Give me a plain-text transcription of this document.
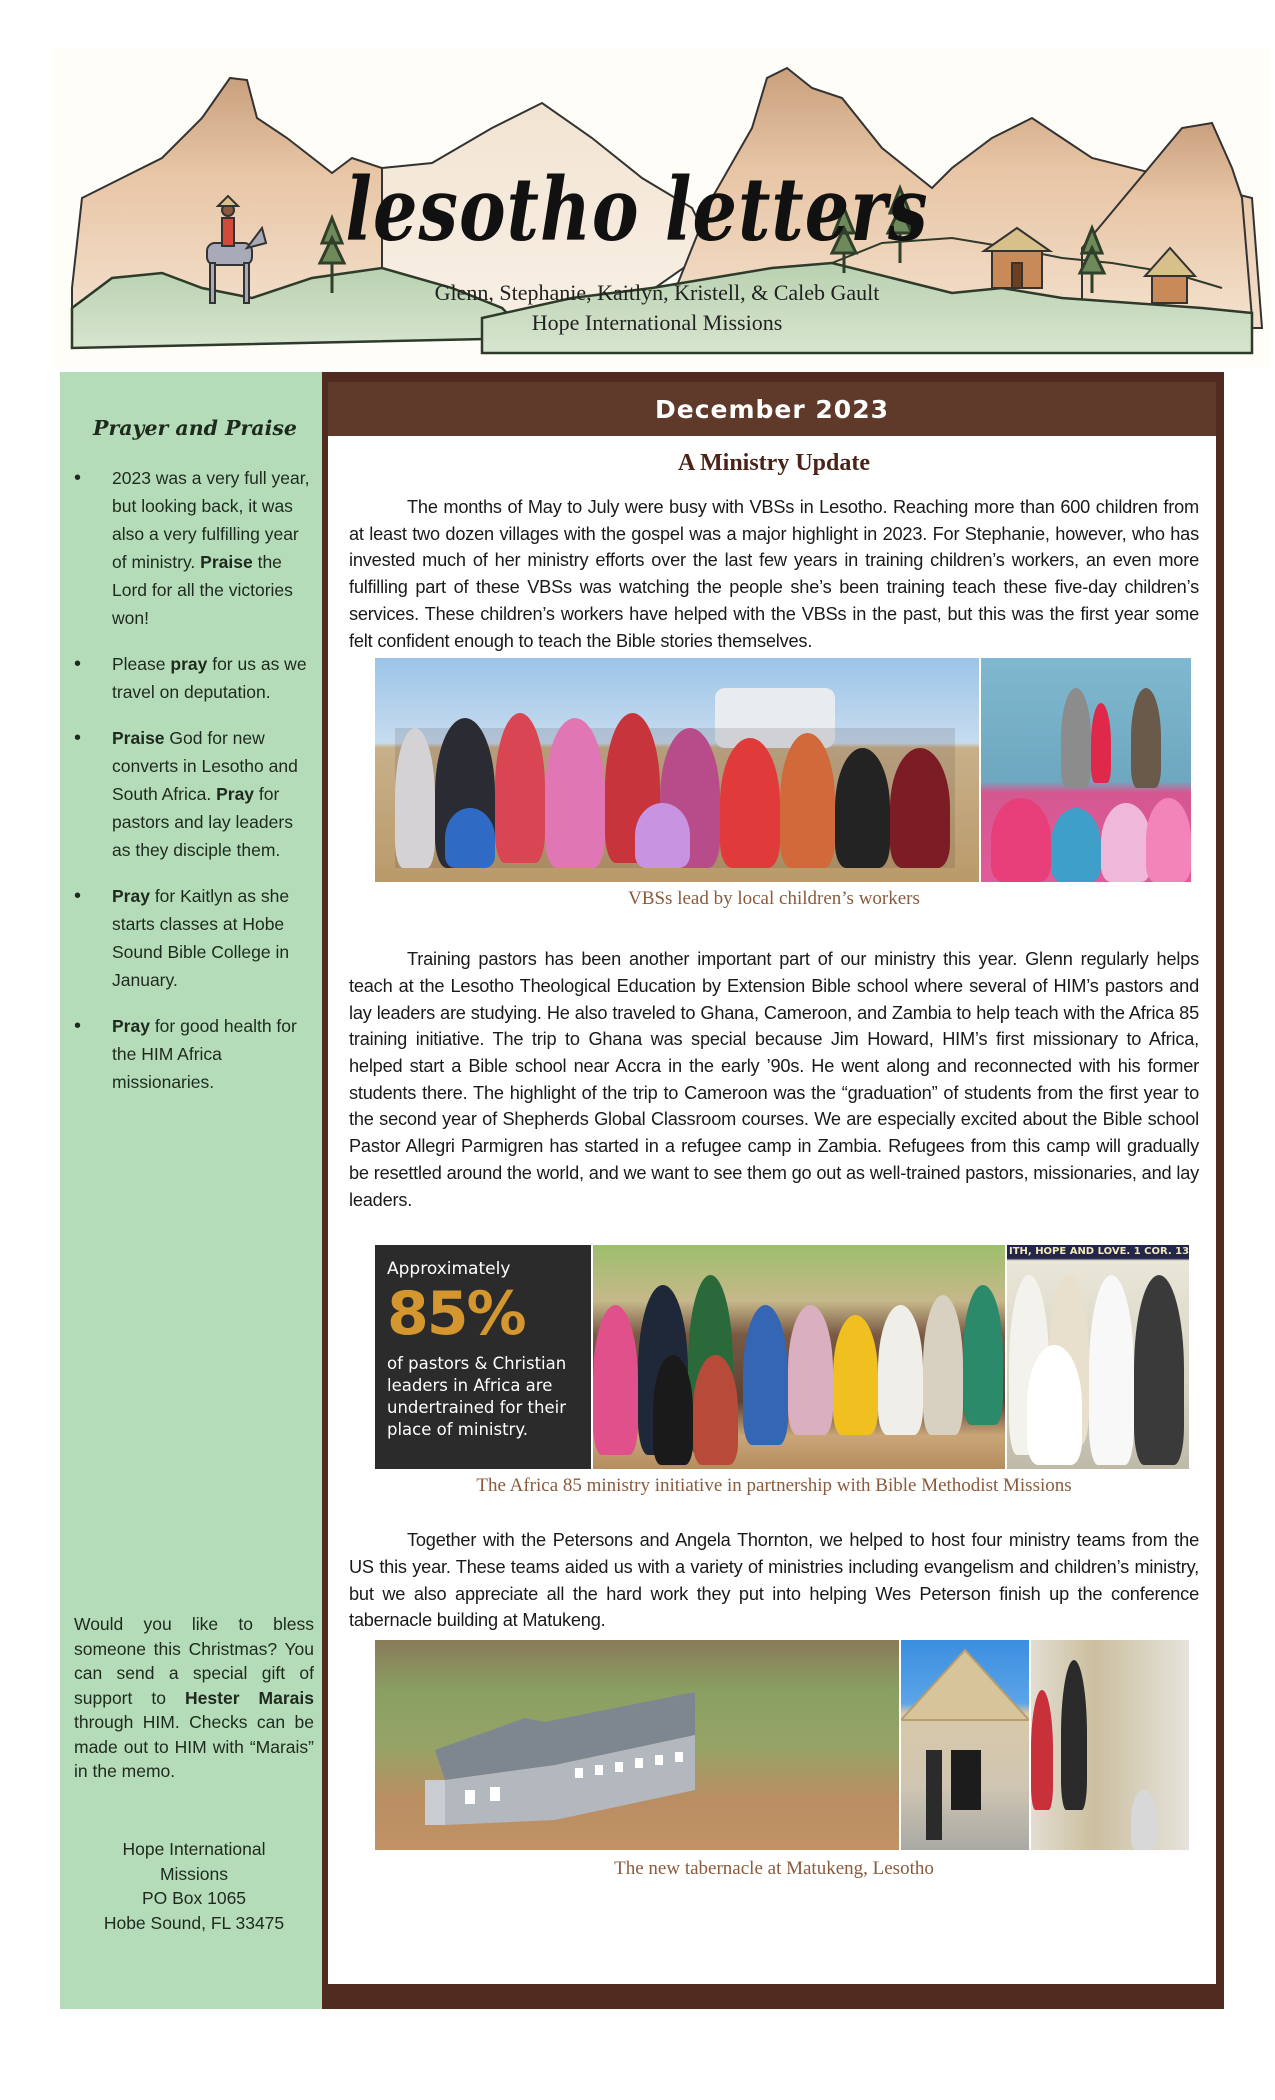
lesotho letters
Glenn, Stephanie, Kaitlyn, Kristell, & Caleb Gault
Hope International Missions
Prayer and Praise
• 2023 was a very full year, but looking back, it was also a very fulfilling year of ministry. Praise the Lord for all the victories won!
• Please pray for us as we travel on deputation.
• Praise God for new converts in Lesotho and South Africa. Pray for pastors and lay leaders as they disciple them.
• Pray for Kaitlyn as she starts classes at Hobe Sound Bible College in January.
• Pray for good health for the HIM Africa missionaries.
Would you like to bless someone this Christmas? You can send a special gift of support to Hester Marais through HIM. Checks can be made out to HIM with “Marais” in the memo.
Hope International
Missions
PO Box 1065
Hobe Sound, FL 33475
December 2023
A Ministry Update

The months of May to July were busy with VBSs in Lesotho. Reaching more than 600 children from at least two dozen villages with the gospel was a major highlight in 2023. For Stephanie, however, who has invested much of her ministry efforts over the last few years in training children’s workers, an even more fulfilling part of these VBSs was watching the people she’s been training teach these five-day children’s services. These children’s workers have helped with the VBSs in the past, but this was the first year some felt confident enough to teach the Bible stories themselves.

VBSs lead by local children’s workers

Training pastors has been another important part of our ministry this year. Glenn regularly helps teach at the Lesotho Theological Education by Extension Bible school where several of HIM’s pastors and lay leaders are studying. He also traveled to Ghana, Cameroon, and Zambia to help teach with the Africa 85 training initiative. The trip to Ghana was special because Jim Howard, HIM’s first missionary to Africa, helped start a Bible school near Accra in the early ’90s. He went along and reconnected with his former students there. The highlight of the trip to Cameroon was the “graduation” of students from the first year to the second year of Shepherds Global Classroom courses. We are especially excited about the Bible school Pastor Allegri Parmigren has started in a refugee camp in Zambia. Refugees from this camp will gradually be resettled around the world, and we want to see them go out as well-trained pastors, missionaries, and lay leaders.

Approximately
85%
of pastors & Christian leaders in Africa are undertrained for their place of ministry.
ITH, HOPE AND LOVE. 1 COR. 13
The Africa 85 ministry initiative in partnership with Bible Methodist Missions

Together with the Petersons and Angela Thornton, we helped to host four ministry teams from the US this year. These teams aided us with a variety of ministries including evangelism and children’s ministry, but we also appreciate all the hard work they put into helping Wes Peterson finish up the conference tabernacle building at Matukeng.

The new tabernacle at Matukeng, Lesotho
